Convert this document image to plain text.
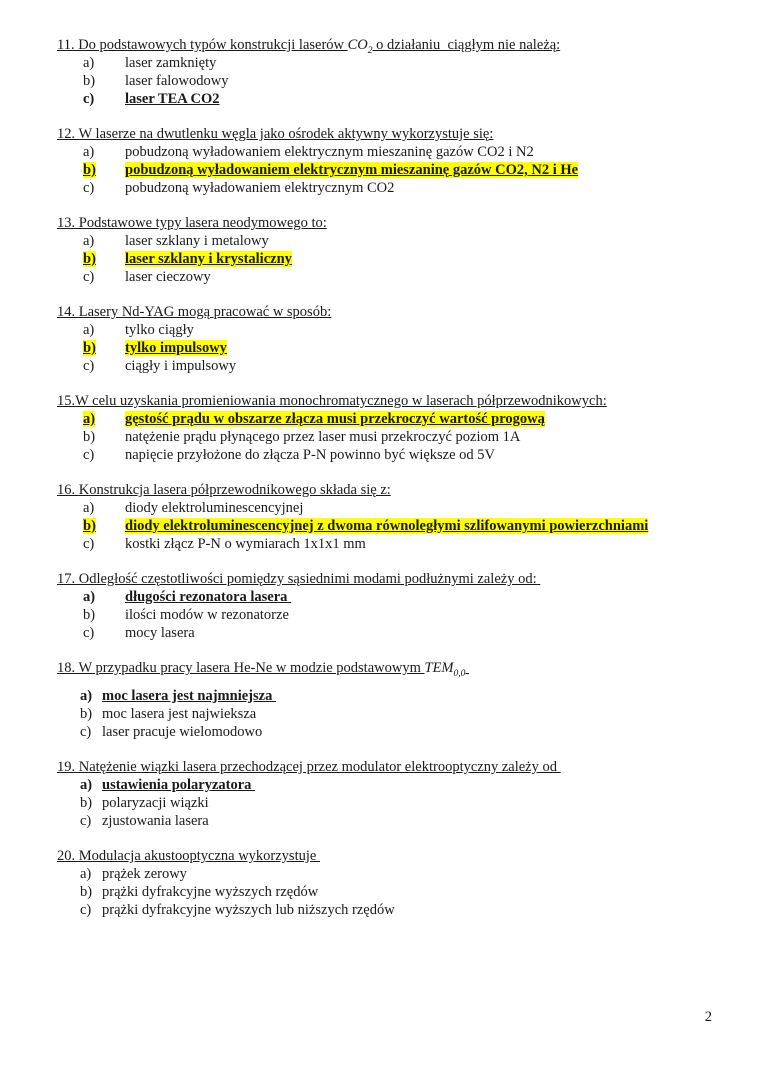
11. Do podstawowych typów konstrukcji laserów $CO_2$ o działaniu  ciągłym nie należą:
a)	laser zamknięty
b)	laser falowodowy
c)	laser TEA CO2
12. W laserze na dwutlenku węgla jako ośrodek aktywny wykorzystuje się:
a)	pobudzoną wyładowaniem elektrycznym mieszaninę gazów CO2 i N2
b)	pobudzoną wyładowaniem elektrycznym mieszaninę gazów CO2, N2 i He
c)	pobudzoną wyładowaniem elektrycznym CO2
13. Podstawowe typy lasera neodymowego to:
a)	laser szklany i metalowy
b)	laser szklany i krystaliczny
c)	laser cieczowy
14. Lasery Nd-YAG mogą pracować w sposób:
a)	tylko ciągły
b)	tylko impulsowy
c)	ciągły i impulsowy
15.W celu uzyskania promieniowania monochromatycznego w laserach półprzewodnikowych:
a)	gęstość prądu w obszarze złącza musi przekroczyć wartość progową
b)	natężenie prądu płynącego przez laser musi przekroczyć poziom 1A
c)	napięcie przyłożone do złącza P-N powinno być większe od 5V
16. Konstrukcja lasera półprzewodnikowego składa się z:
a)	diody elektroluminescencyjnej
b)	diody elektroluminescencyjnej z dwoma równoległymi szlifowanymi powierzchniami
c)	kostki złącz P-N o wymiarach 1x1x1 mm
17. Odległość częstotliwości pomiędzy sąsiednimi modami podłużnymi zależy od:
a)	długości rezonatora lasera
b)	ilości modów w rezonatorze
c)	mocy lasera
18. W przypadku pracy lasera He-Ne w modzie podstawowym $TEM_{0,0}$
a) moc lasera jest najmniejsza
b) moc lasera jest najwieksza
c) laser pracuje wielomodowo
19. Natężenie wiązki lasera przechodzącej przez modulator elektrooptyczny zależy od
a) ustawienia polaryzatora
b) polaryzacji wiązki
c) zjustowania lasera
20. Modulacja akustooptyczna wykorzystuje
a) prążek zerowy
b) prążki dyfrakcyjne wyższych rzędów
c) prążki dyfrakcyjne wyższych lub niższych rzędów
2
